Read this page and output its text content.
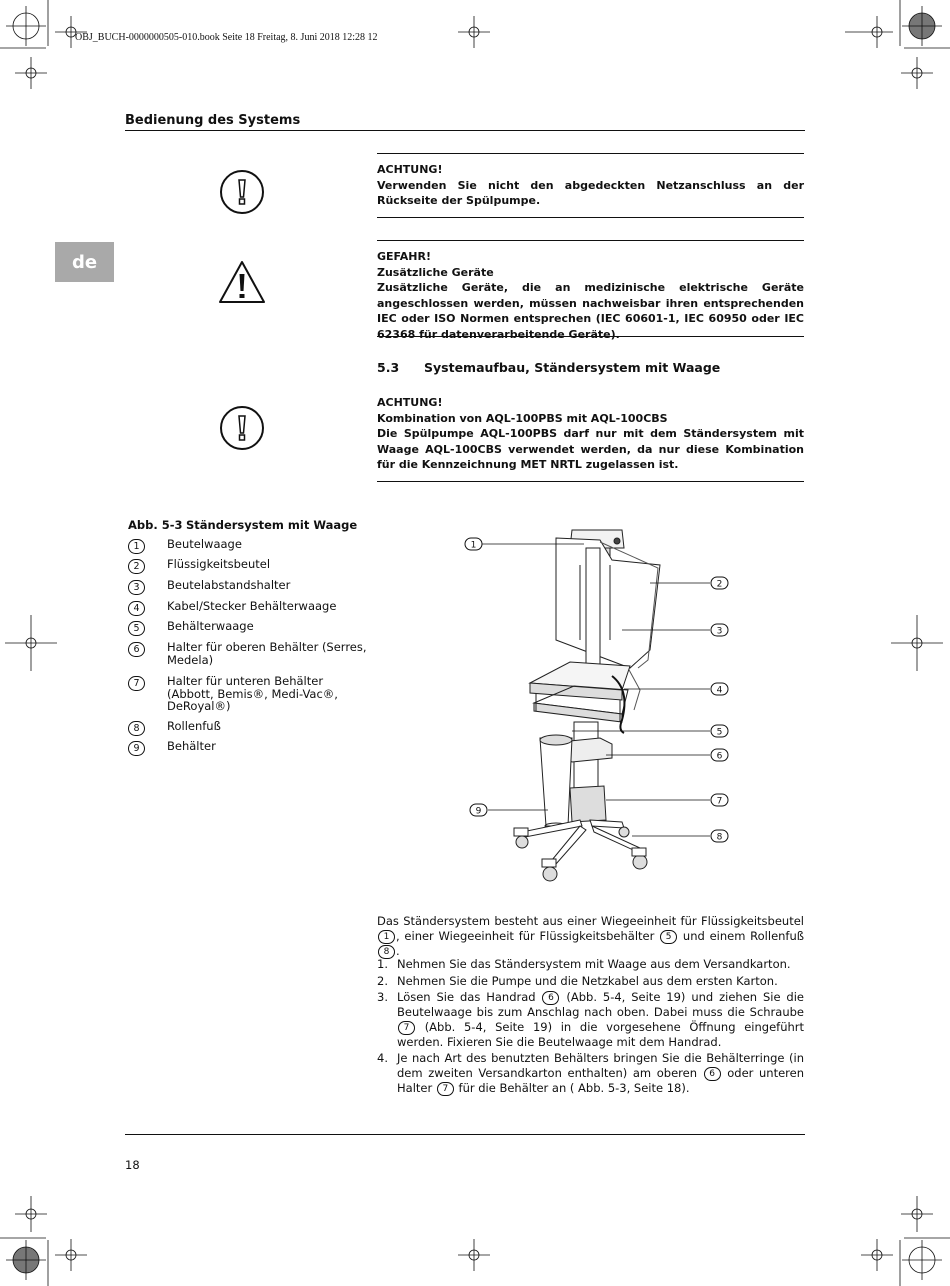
OBJ_BUCH-0000000505-010.book Seite 18 Freitag, 8. Juni 2018 12:28 12
Bedienung des Systems
de
ACHTUNG!
Verwenden Sie nicht den abgedeckten Netzanschluss an der Rückseite der Spülpumpe.
GEFAHR!
Zusätzliche Geräte
Zusätzliche Geräte, die an medizinische elektrische Geräte angeschlossen werden, müssen nachweisbar ihren entsprechenden IEC oder ISO Normen entsprechen (IEC 60601-1, IEC 60950 oder IEC 62368 für datenverarbeitende Geräte).
5.3 Systemaufbau, Ständersystem mit Waage
ACHTUNG!
Kombination von AQL-100PBS mit AQL-100CBS
Die Spülpumpe AQL-100PBS darf nur mit dem Ständersystem mit Waage AQL-100CBS verwendet werden, da nur diese Kombination für die Kennzeichnung MET NRTL zugelassen ist.
Abb. 5-3 Ständersystem mit Waage
1	Beutelwaage
2	Flüssigkeitsbeutel
3	Beutelabstandshalter
4	Kabel/Stecker Behälterwaage
5	Behälterwaage
6	Halter für oberen Behälter (Serres, Medela)
7	Halter für unteren Behälter (Abbott, Bemis®, Medi-Vac®, DeRoyal®)
8	Rollenfuß
9	Behälter
1
2
3
4
5
6
7
8
9
Das Ständersystem besteht aus einer Wiegeeinheit für Flüssigkeitsbeutel 1 , einer Wiegeeinheit für Flüssigkeitsbehälter 5 und einem Rollenfuß 8 .
1. Nehmen Sie das Ständersystem mit Waage aus dem Versandkarton.
2. Nehmen Sie die Pumpe und die Netzkabel aus dem ersten Karton.
3. Lösen Sie das Handrad 6 (Abb. 5-4, Seite 19) und ziehen Sie die Beutelwaage bis zum Anschlag nach oben. Dabei muss die Schraube 7 (Abb. 5-4, Seite 19) in die vorgesehene Öffnung eingeführt werden. Fixieren Sie die Beutelwaage mit dem Handrad.
4. Je nach Art des benutzten Behälters bringen Sie die Behälterringe (in dem zweiten Versandkarton enthalten) am oberen 6 oder unteren Halter 7 für die Behälter an ( Abb. 5-3, Seite 18).
18
